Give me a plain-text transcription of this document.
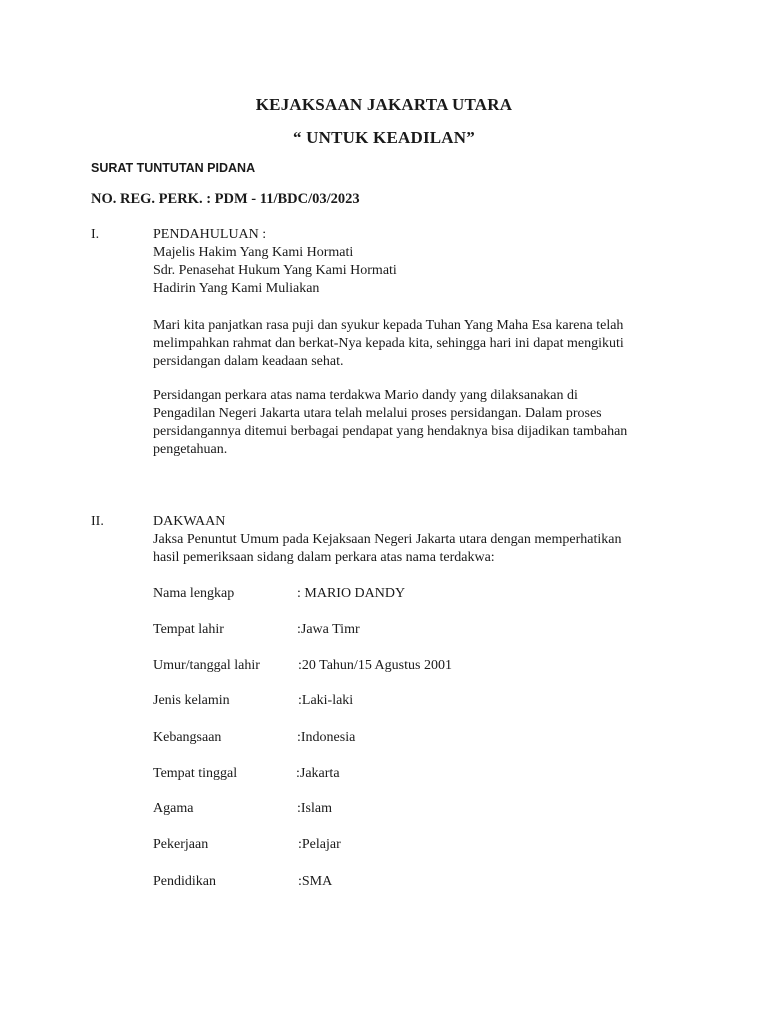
KEJAKSAAN JAKARTA UTARA
“ UNTUK KEADILAN”
SURAT TUNTUTAN PIDANA
NO. REG. PERK. : PDM - 11/BDC/03/2023
I.	PENDAHULUAN :
Majelis Hakim Yang Kami Hormati
Sdr. Penasehat Hukum Yang Kami Hormati
Hadirin Yang Kami Muliakan
Mari kita panjatkan rasa puji dan syukur kepada Tuhan Yang Maha Esa karena telah
melimpahkan rahmat dan berkat-Nya kepada kita, sehingga hari ini dapat mengikuti
persidangan dalam keadaan sehat.
Persidangan perkara atas nama terdakwa Mario dandy yang dilaksanakan di
Pengadilan Negeri Jakarta utara telah melalui proses persidangan. Dalam proses
persidangannya ditemui berbagai pendapat yang hendaknya bisa dijadikan tambahan
pengetahuan.
II.	DAKWAAN
Jaksa Penuntut Umum pada Kejaksaan Negeri Jakarta utara dengan memperhatikan
hasil pemeriksaan sidang dalam perkara atas nama terdakwa:
Nama lengkap	: MARIO DANDY
Tempat lahir	:Jawa Timr
Umur/tanggal lahir	:20 Tahun/15 Agustus 2001
Jenis kelamin	:Laki-laki
Kebangsaan	:Indonesia
Tempat tinggal	:Jakarta
Agama	:Islam
Pekerjaan	:Pelajar
Pendidikan	:SMA
